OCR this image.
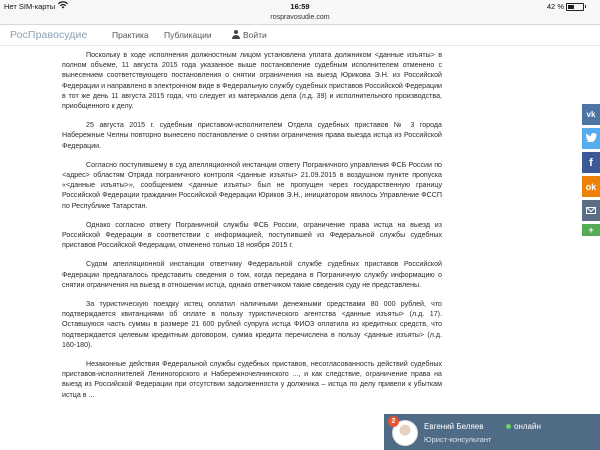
Нет SIM-карты	16:59	42 %
rospravosudie.com
РосПравосудие	Практика Публикации	Войти

Поскольку в ходе исполнения должностным лицом установлена уплата должником <данные изъяты> в полном объеме, 11 августа 2015 года указанное выше постановление судебным исполнителем отменено с вынесением соответствующего постановления о снятии ограничения на выезд Юрикова Э.Н. из Российской Федерации и направлено в электронном виде в Федеральную службу судебных приставов Российской Федерации в тот же день 11 августа 2015 года, что следует из материалов дела (л.д. 39) и исполнительного производства, приобщенного к делу.

25 августа 2015 г. судебным приставом-исполнителем Отдела судебных приставов № 3 города Набережные Челны повторно вынесено постановление о снятии ограничения права выезда истца из Российской Федерации.

Согласно поступившему в суд апелляционной инстанции ответу Пограничного управления ФСБ России по <адрес> областям Отряда пограничного контроля <данные изъяты> 21.09.2015 в воздушном пункте пропуска «<данные изъяты>», сообщением <данные изъяты> был не пропущен через государственную границу Российской Федерации гражданин Российской Федерации Юриков Э.Н., инициатором явилось Управление ФССП по Республике Татарстан.

Однако согласно ответу Пограничной службы ФСБ России, ограничение права истца на выезд из Российской Федерации в соответствии с информацией, поступившей из Федеральной службы судебных приставов Российской Федерации, отменено только 18 ноября 2015 г.

Судом апелляционной инстанции ответчику Федеральной службе судебных приставов Российской Федерации предлагалось представить сведения о том, когда передана в Пограничную службу информацию о снятии ограничения на выезд в отношении истца, однако ответчиком такие сведения суду не представлены.

За туристическую поездку истец оплатил наличными денежными средствами 80 000 рублей, что подтверждается квитанциями об оплате в пользу туристического агентства <данные изъяты> (л.д. 17). Оставшуюся часть суммы в размере 21 600 рублей супруга истца ФИОЗ оплатила из кредитных средств, что подтверждается целевым кредитным договором, сумма кредита перечислена в пользу <данные изъяты> (л.д. 160-180).

Незаконные действия Федеральной службы судебных приставов, несогласованность действий судебных приставов-исполнителей Лениногорского и Набережночелнинского ..., и как следствие, ограничение права на выезд из Российской Федерации при отсутствии задолженности у должника – истца по делу привели к убыткам истца в ...

vk
f
ok
+
2
Евгений Беляев	онлайн
Юрист-консультант
